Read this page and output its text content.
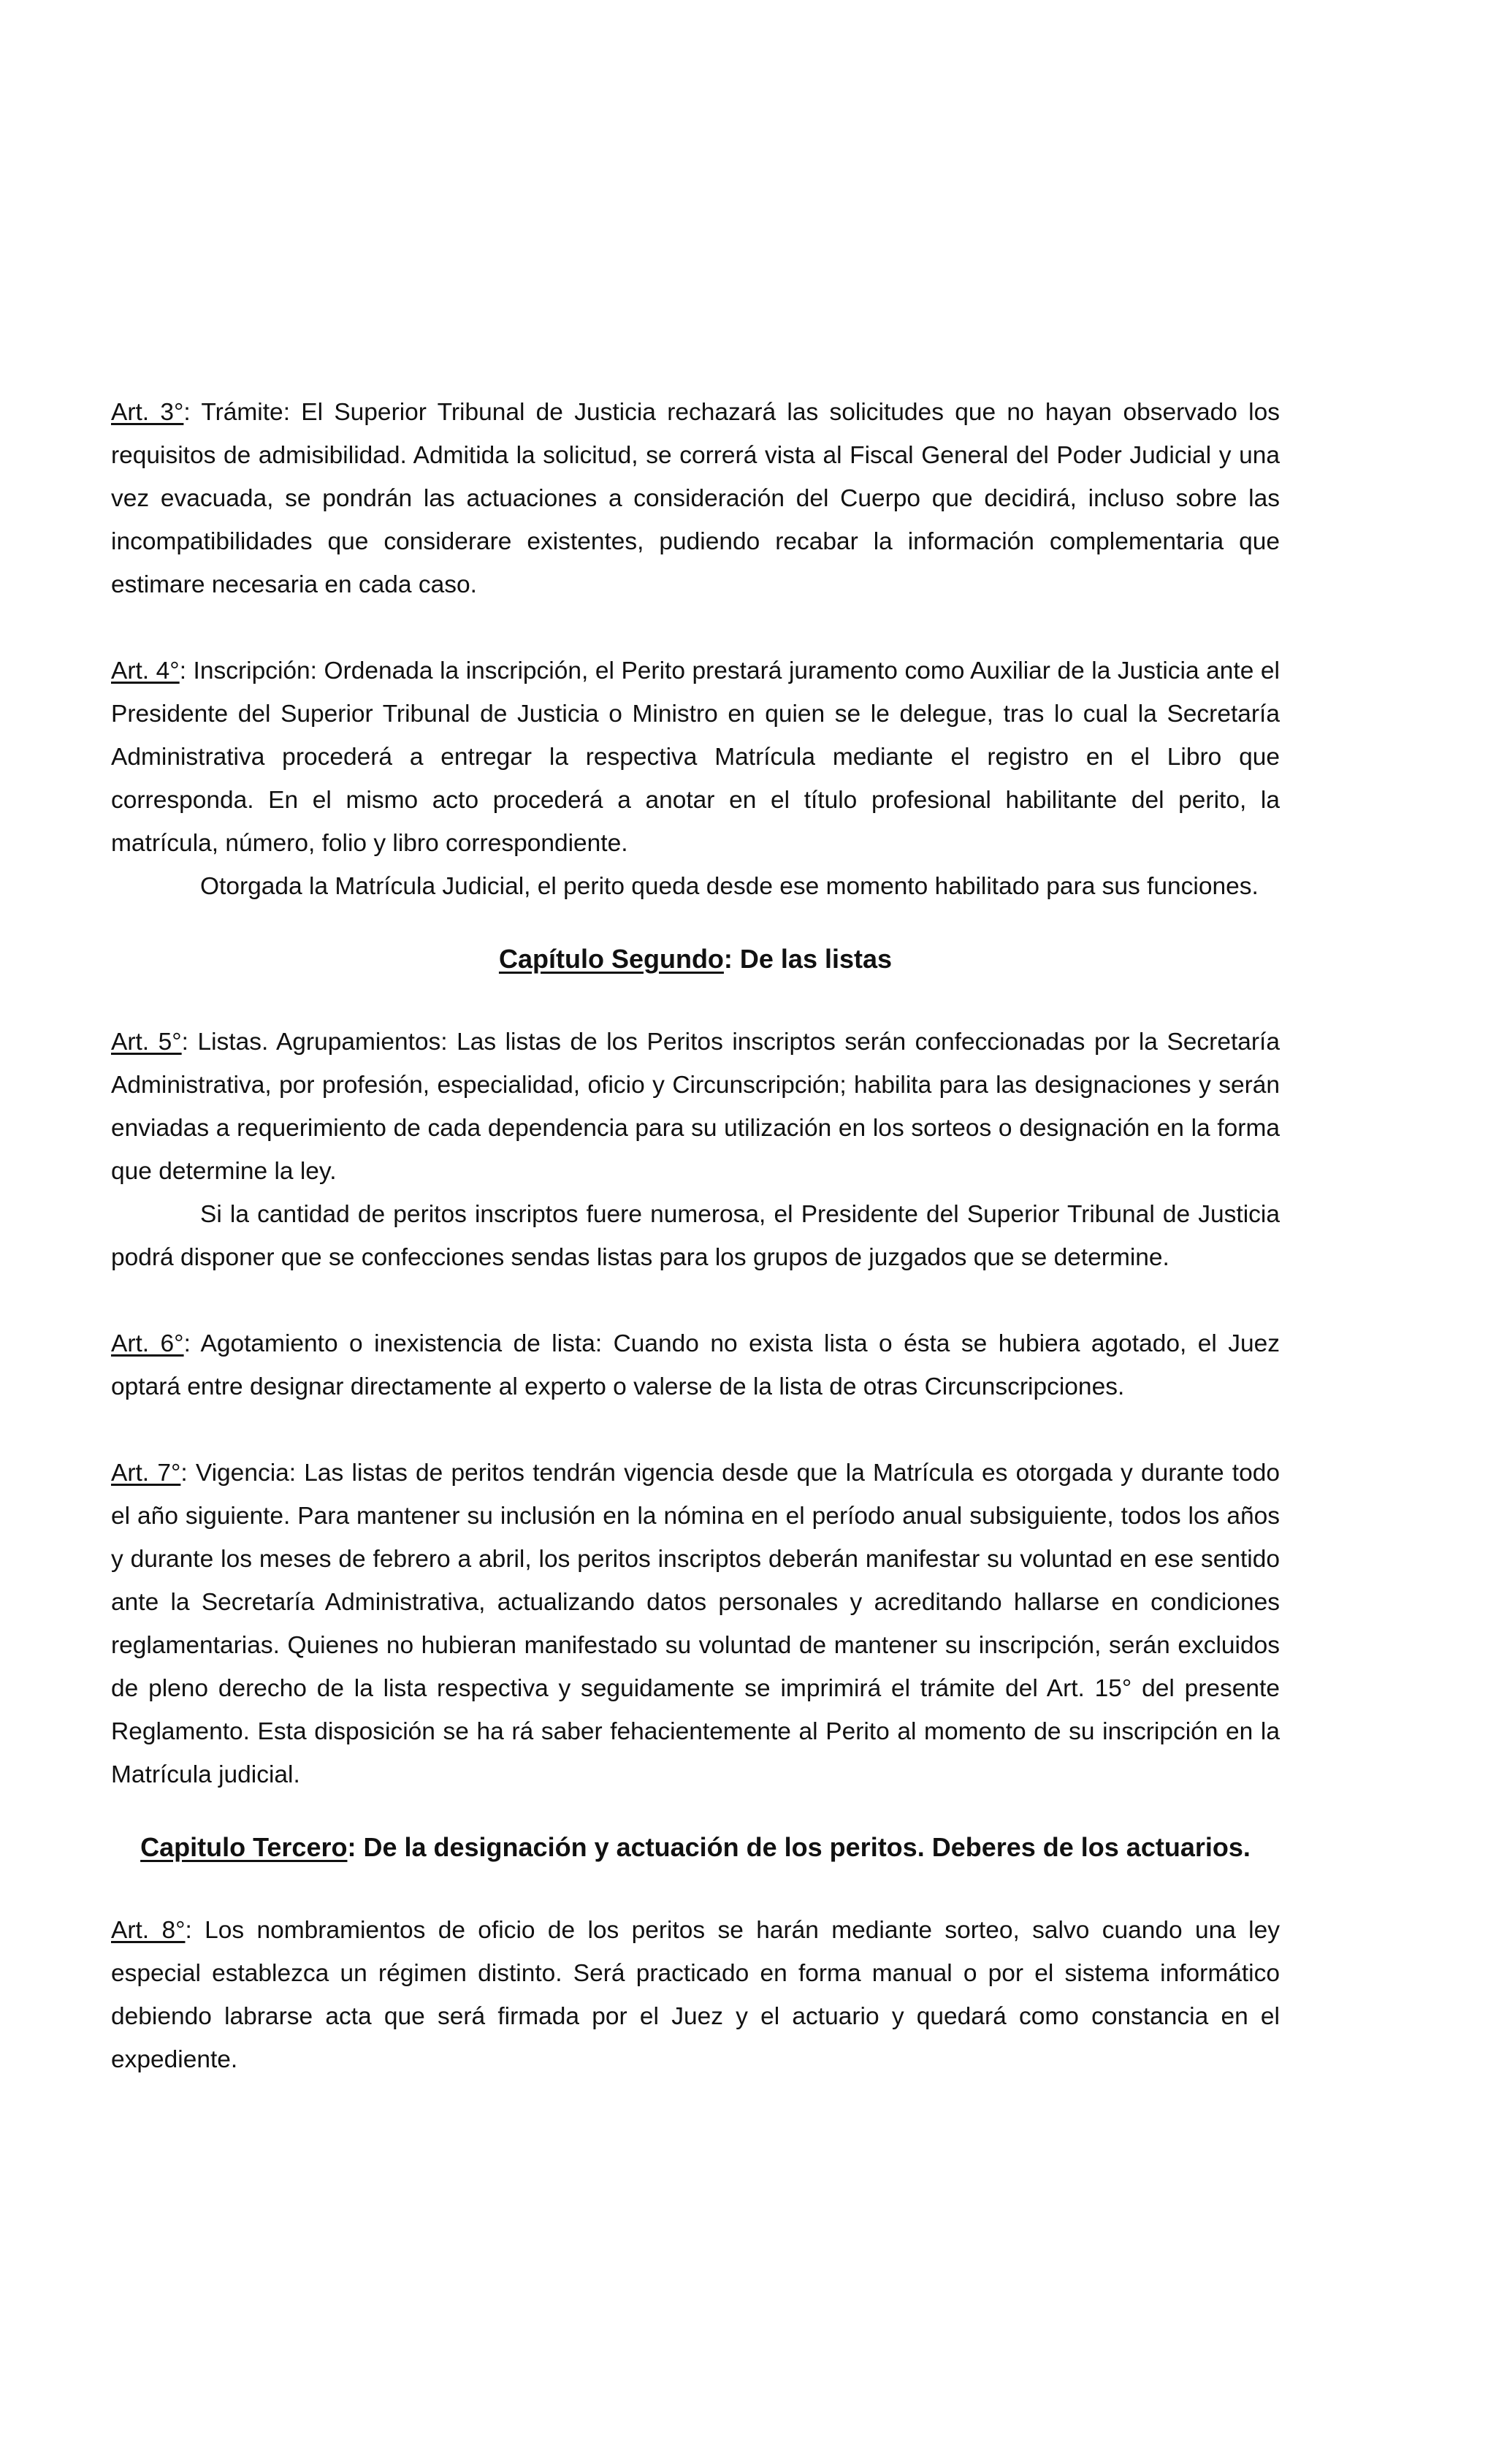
Art. 3°: Trámite: El Superior Tribunal de Justicia rechazará las solicitudes que no hayan observado los requisitos de admisibilidad. Admitida la solicitud, se correrá vista al Fiscal General del Poder Judicial y una vez evacuada, se pondrán las actuaciones a consideración del Cuerpo que decidirá, incluso sobre las incompatibilidades que considerare existentes, pudiendo recabar la información complementaria que estimare necesaria en cada caso.

Art. 4°: Inscripción: Ordenada la inscripción, el Perito prestará juramento como Auxiliar de la Justicia ante el Presidente del Superior Tribunal de Justicia o Ministro en quien se le delegue, tras lo cual la Secretaría Administrativa procederá a entregar la respectiva Matrícula mediante el registro en el Libro que corresponda. En el mismo acto procederá a anotar en el título profesional habilitante del perito, la matrícula, número, folio y libro correspondiente.

Otorgada la Matrícula Judicial, el perito queda desde ese momento habilitado para sus funciones.

Capítulo Segundo: De las listas

Art. 5°: Listas. Agrupamientos: Las listas de los Peritos inscriptos serán confeccionadas por la Secretaría Administrativa, por profesión, especialidad, oficio y Circunscripción; habilita para las designaciones y serán enviadas a requerimiento de cada dependencia para su utilización en los sorteos o designación en la forma que determine la ley.

Si la cantidad de peritos inscriptos fuere numerosa, el Presidente del Superior Tribunal de Justicia podrá disponer que se confecciones sendas listas para los grupos de juzgados que se determine.

Art. 6°: Agotamiento o inexistencia de lista: Cuando no exista lista o ésta se hubiera agotado, el Juez optará entre designar directamente al experto o valerse de la lista de otras Circunscripciones.

Art. 7°: Vigencia: Las listas de peritos tendrán vigencia desde que la Matrícula es otorgada y durante todo el año siguiente. Para mantener su inclusión en la nómina en el período anual subsiguiente, todos los años y durante los meses de febrero a abril, los peritos inscriptos deberán manifestar su voluntad en ese sentido ante la Secretaría Administrativa, actualizando datos personales y acreditando hallarse en condiciones reglamentarias. Quienes no hubieran manifestado su voluntad de mantener su inscripción, serán excluidos de pleno derecho de la lista respectiva y seguidamente se imprimirá el trámite del Art. 15° del presente Reglamento. Esta disposición se ha rá saber fehacientemente al Perito al momento de su inscripción en la Matrícula judicial.

Capitulo Tercero: De la designación y actuación de los peritos. Deberes de los actuarios.

Art. 8°: Los nombramientos de oficio de los peritos se harán mediante sorteo, salvo cuando una ley especial establezca un régimen distinto. Será practicado en forma manual o por el sistema informático debiendo labrarse acta que será firmada por el Juez y el actuario y quedará como constancia en el expediente.
